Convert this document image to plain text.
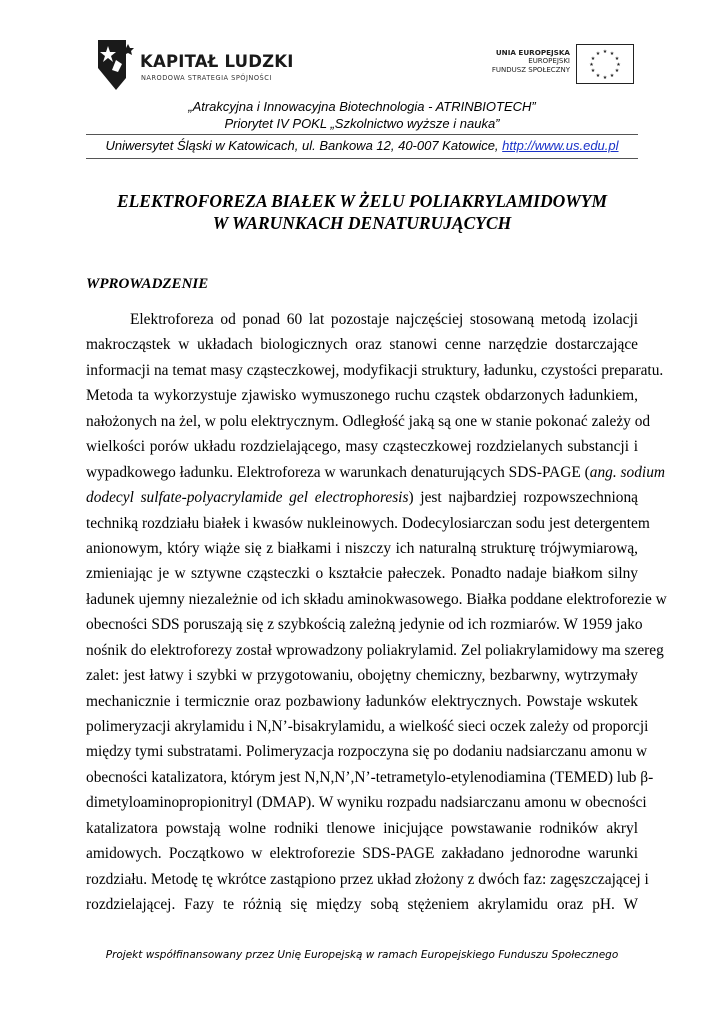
KAPITAŁ LUDZKI
NARODOWA STRATEGIA SPÓJNOŚCI
UNIA EUROPEJSKA
EUROPEJSKI
FUNDUSZ SPOŁECZNY
★ ★
★
★
★
★
★
★
★
★
★
★
„Atrakcyjna i Innowacyjna Biotechnologia - ATRINBIOTECH”
Priorytet IV POKL „Szkolnictwo wyższe i nauka”
Uniwersytet Śląski w Katowicach, ul. Bankowa 12, 40-007 Katowice, http://www.us.edu.pl
ELEKTROFOREZA BIAŁEK W ŻELU POLIAKRYLAMIDOWYM
W WARUNKACH DENATURUJĄCYCH
WPROWADZENIE
Elektroforeza od ponad 60 lat pozostaje najczęściej stosowaną metodą izolacji
makrocząstek w układach biologicznych oraz stanowi cenne narzędzie dostarczające
informacji na temat masy cząsteczkowej, modyfikacji struktury, ładunku, czystości preparatu.
Metoda ta wykorzystuje zjawisko wymuszonego ruchu cząstek obdarzonych ładunkiem,
nałożonych na żel, w polu elektrycznym. Odległość jaką są one w stanie pokonać zależy od
wielkości porów układu rozdzielającego, masy cząsteczkowej rozdzielanych substancji i
wypadkowego ładunku. Elektroforeza w warunkach denaturujących SDS-PAGE (ang. sodium
dodecyl sulfate-polyacrylamide gel electrophoresis) jest najbardziej rozpowszechnioną
techniką rozdziału białek i kwasów nukleinowych. Dodecylosiarczan sodu jest detergentem
anionowym, który wiąże się z białkami i niszczy ich naturalną strukturę trójwymiarową,
zmieniając je w sztywne cząsteczki o kształcie pałeczek. Ponadto nadaje białkom silny
ładunek ujemny niezależnie od ich składu aminokwasowego. Białka poddane elektroforezie w
obecności SDS poruszają się z szybkością zależną jedynie od ich rozmiarów. W 1959 jako
nośnik do elektroforezy został wprowadzony poliakrylamid. Zel poliakrylamidowy ma szereg
zalet: jest łatwy i szybki w przygotowaniu, obojętny chemiczny, bezbarwny, wytrzymały
mechanicznie i termicznie oraz pozbawiony ładunków elektrycznych. Powstaje wskutek
polimeryzacji akrylamidu i N,N’-bisakrylamidu, a wielkość sieci oczek zależy od proporcji
między tymi substratami. Polimeryzacja rozpoczyna się po dodaniu nadsiarczanu amonu w
obecności katalizatora, którym jest N,N,N’,N’-tetrametylo-etylenodiamina (TEMED) lub β-
dimetyloaminopropionitryl (DMAP). W wyniku rozpadu nadsiarczanu amonu w obecności
katalizatora powstają wolne rodniki tlenowe inicjujące powstawanie rodników akryl
amidowych. Początkowo w elektroforezie SDS-PAGE zakładano jednorodne warunki
rozdziału. Metodę tę wkrótce zastąpiono przez układ złożony z dwóch faz: zagęszczającej i
rozdzielającej. Fazy te różnią się między sobą stężeniem akrylamidu oraz pH. W
Projekt współfinansowany przez Unię Europejską w ramach Europejskiego Funduszu Społecznego
